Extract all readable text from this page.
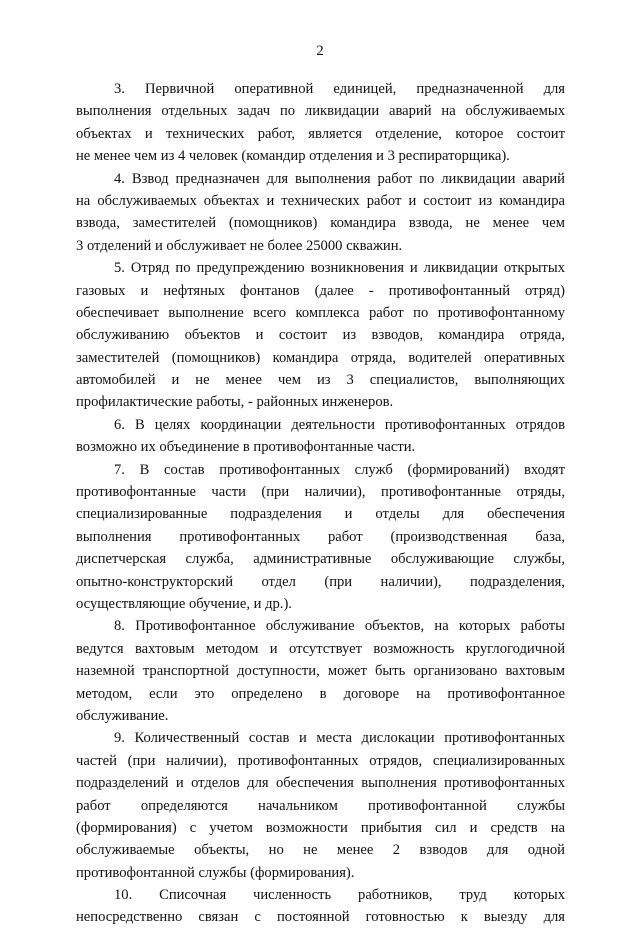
2
3. Первичной оперативной единицей, предназначенной для
выполнения отдельных задач по ликвидации аварий на обслуживаемых
объектах и технических работ, является отделение, которое состоит
не менее чем из 4 человек (командир отделения и 3 респираторщика).
4. Взвод предназначен для выполнения работ по ликвидации аварий
на обслуживаемых объектах и технических работ и состоит из командира
взвода, заместителей (помощников) командира взвода, не менее чем
3 отделений и обслуживает не более 25000 скважин.
5. Отряд по предупреждению возникновения и ликвидации открытых
газовых и нефтяных фонтанов (далее - противофонтанный отряд)
обеспечивает выполнение всего комплекса работ по противофонтанному
обслуживанию объектов и состоит из взводов, командира отряда,
заместителей (помощников) командира отряда, водителей оперативных
автомобилей и не менее чем из 3 специалистов, выполняющих
профилактические работы, - районных инженеров.
6. В целях координации деятельности противофонтанных отрядов
возможно их объединение в противофонтанные части.
7. В состав противофонтанных служб (формирований) входят
противофонтанные части (при наличии), противофонтанные отряды,
специализированные подразделения и отделы для обеспечения
выполнения противофонтанных работ (производственная база,
диспетчерская служба, административные обслуживающие службы,
опытно-конструкторский отдел (при наличии), подразделения,
осуществляющие обучение, и др.).
8. Противофонтанное обслуживание объектов, на которых работы
ведутся вахтовым методом и отсутствует возможность круглогодичной
наземной транспортной доступности, может быть организовано вахтовым
методом, если это определено в договоре на противофонтанное
обслуживание.
9. Количественный состав и места дислокации противофонтанных
частей (при наличии), противофонтанных отрядов, специализированных
подразделений и отделов для обеспечения выполнения противофонтанных
работ определяются начальником противофонтанной службы
(формирования) с учетом возможности прибытия сил и средств на
обслуживаемые объекты, но не менее 2 взводов для одной
противофонтанной службы (формирования).
10. Списочная численность работников, труд которых
непосредственно связан с постоянной готовностью к выезду для
